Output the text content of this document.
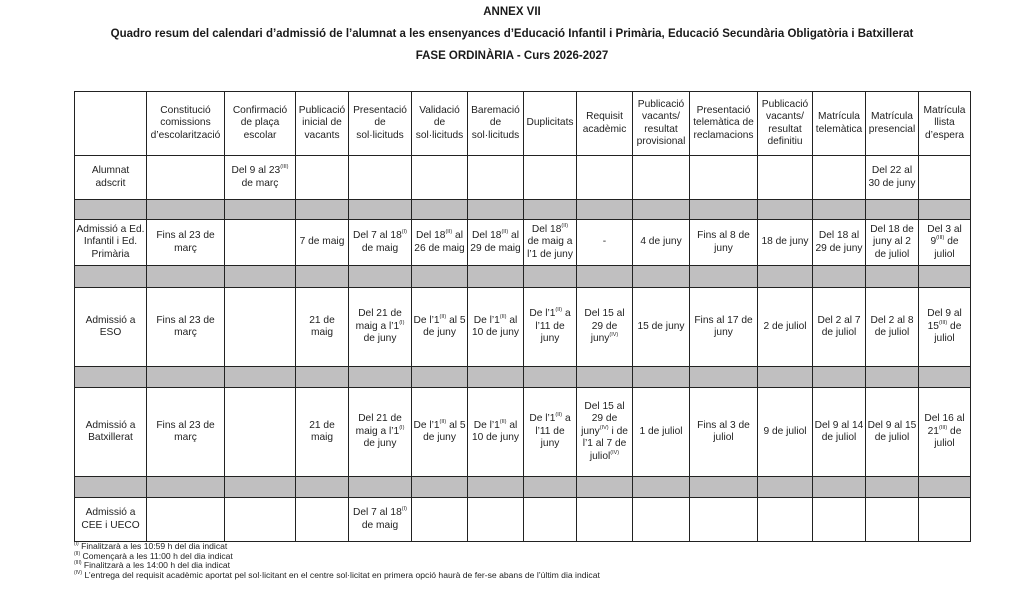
ANNEX VII
Quadro resum del calendari d’admissió de l’alumnat a les ensenyances d’Educació Infantil i Primària, Educació Secundària Obligatòria i Batxillerat
FASE ORDINÀRIA - Curs 2026-2027
	Constitució comissions d’escolarització	Confirmació de plaça escolar	Publicació inicial de vacants	Presentació de sol·licituds	Validació de sol·licituds	Baremació de sol·licituds	Duplicitats	Requisit acadèmic	Publicació vacants/ resultat provisional	Presentació telemàtica de reclamacions	Publicació vacants/ resultat definitiu	Matrícula telemàtica	Matrícula presencial	Matrícula llista d’espera
Alumnat adscrit		Del 9 al $23^{(III)}$ de març											Del 22 al 30 de juny	

Admissió a Ed. Infantil i Ed. Primària	Fins al 23 de març		7 de maig	Del 7 al $18^{(I)}$ de maig	Del $18^{(II)}$ al 26 de maig	Del $18^{(II)}$ al 29 de maig	Del $18^{(II)}$ de maig a l’1 de juny	-	4 de juny	Fins al 8 de juny	18 de juny	Del 18 al 29 de juny	Del 18 de juny al 2 de juliol	Del 3 al $9^{(III)}$ de juliol

Admissió a ESO	Fins al 23 de març		21 de maig	Del 21 de maig a $l’1^{(I)}$ de juny	De $l’1^{(II)}$ al 5 de juny	De $l’1^{(II)}$ al 10 de juny	De $l’1^{(II)}$ a l’11 de juny	Del 15 al 29 de juny$^{(IV)}$	15 de juny	Fins al 17 de juny	2 de juliol	Del 2 al 7 de juliol	Del 2 al 8 de juliol	Del 9 al $15^{(III)}$ de juliol

Admissió a Batxillerat	Fins al 23 de març		21 de maig	Del 21 de maig a $l’1^{(I)}$ de juny	De $l’1^{(II)}$ al 5 de juny	De $l’1^{(II)}$ al 10 de juny	De $l’1^{(II)}$ a l’11 de juny	Del 15 al 29 de juny$^{(IV)}$ i de l’1 al 7 de juliol$^{(IV)}$	1 de juliol	Fins al 3 de juliol	9 de juliol	Del 9 al 14 de juliol	Del 9 al 15 de juliol	Del 16 al $21^{(III)}$ de juliol

Admissió a CEE i UECO				Del 7 al $18^{(I)}$ de maig										
$^{(I)}$ Finalitzarà a les 10:59 h del dia indicat
$^{(II)}$ Començarà a les 11:00 h del dia indicat
$^{(III)}$ Finalitzarà a les 14:00 h del dia indicat
$^{(IV)}$ L’entrega del requisit acadèmic aportat pel sol·licitant en el centre sol·licitat en primera opció haurà de fer-se abans de l’últim dia indicat
